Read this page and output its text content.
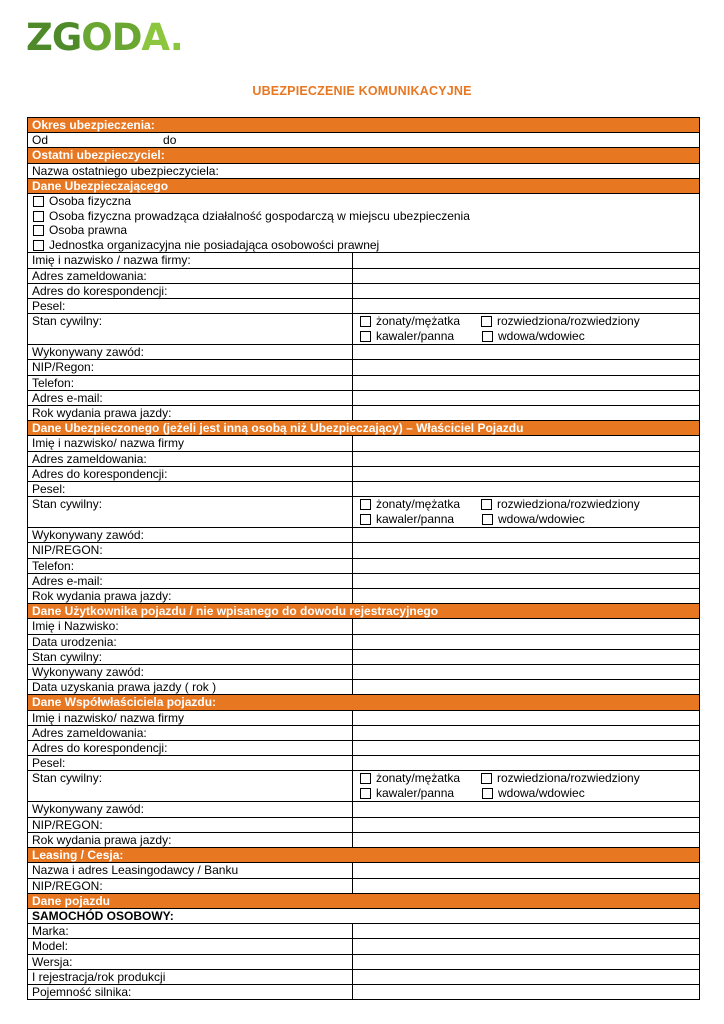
ZGODA.
UBEZPIECZENIE KOMUNIKACYJNE
Okres ubezpieczenia:	
Od do	
Ostatni ubezpieczyciel:	
Nazwa ostatniego ubezpieczyciela:	
Dane Ubezpieczającego	

Osoba fizyczna
Osoba fizyczna prowadząca działalność gospodarczą w miejscu ubezpieczenia
Osoba prawna
Jednostka organizacyjna nie posiadająca osobowości prawnej	

Imię i nazwisko / nazwa firmy:	
Adres zameldowania:	
Adres do korespondencji:	
Pesel:	
Stan cywilny:	żonaty/mężatka rozwiedziona/rozwiedziony
kawaler/panna wdowa/wdowiec

Wykonywany zawód:	
NIP/Regon:	
Telefon:	
Adres e-mail:	
Rok wydania prawa jazdy:	
Dane Ubezpieczonego (jeżeli jest inną osobą niż Ubezpieczający) – Właściciel Pojazdu	
Imię i nazwisko/ nazwa firmy	
Adres zameldowania:	
Adres do korespondencji:	
Pesel:	
Stan cywilny:	żonaty/mężatka rozwiedziona/rozwiedziony
kawaler/panna wdowa/wdowiec

Wykonywany zawód:	
NIP/REGON:	
Telefon:	
Adres e-mail:	
Rok wydania prawa jazdy:	
Dane Użytkownika pojazdu / nie wpisanego do dowodu rejestracyjnego	
Imię i Nazwisko:	
Data urodzenia:	
Stan cywilny:	
Wykonywany zawód:	
Data uzyskania prawa jazdy ( rok )	
Dane Współwłaściciela pojazdu:	
Imię i nazwisko/ nazwa firmy	
Adres zameldowania:	
Adres do korespondencji:	
Pesel:	
Stan cywilny:	żonaty/mężatka rozwiedziona/rozwiedziony
kawaler/panna wdowa/wdowiec

Wykonywany zawód:	
NIP/REGON:	
Rok wydania prawa jazdy:	
Leasing / Cesja:	
Nazwa i adres Leasingodawcy / Banku	
NIP/REGON:	
Dane pojazdu	
SAMOCHÓD OSOBOWY:	
Marka:	
Model:	
Wersja:	
I rejestracja/rok produkcji	
Pojemność silnika:	
